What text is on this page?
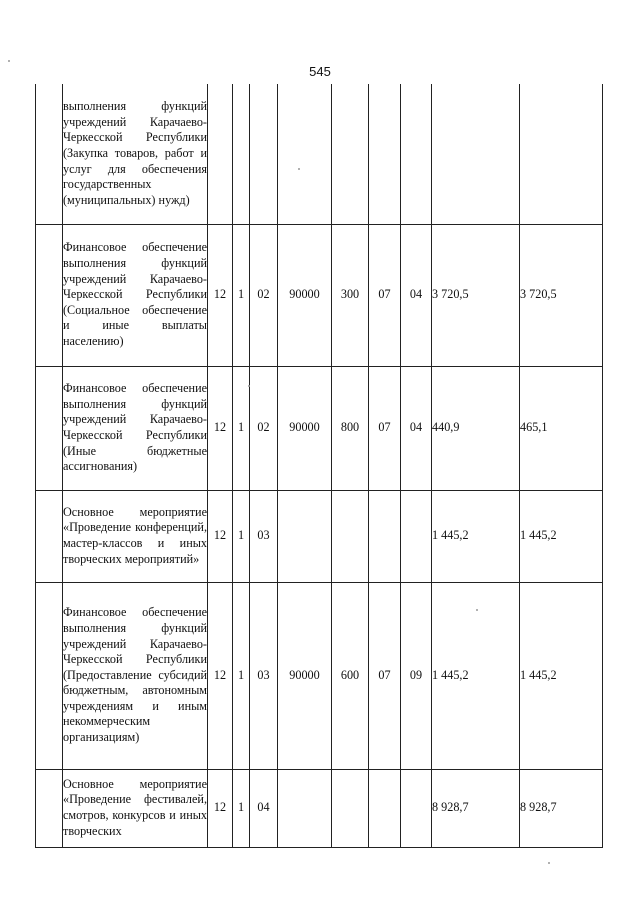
545
	выполнения функций учреждений Карачаево-Черкесской Республики (Закупка товаров, работ и услуг для обеспечения государственных (муниципальных) нужд)									
	Финансовое обеспечение выполнения функций учреждений Карачаево-Черкесской Республики (Социальное обеспечение и иные выплаты населению)	12	1	02	90000	300	07	04	3 720,5	3 720,5
	Финансовое обеспечение выполнения функций учреждений Карачаево-Черкесской Республики (Иные бюджетные ассигнования)	12	1	02	90000	800	07	04	440,9	465,1
	Основное мероприятие «Проведение конференций, мастер-классов и иных творческих мероприятий»	12	1	03					1 445,2	1 445,2
	Финансовое обеспечение выполнения функций учреждений Карачаево-Черкесской Республики (Предоставление субсидий бюджетным, автономным учреждениям и иным некоммерческим организациям)	12	1	03	90000	600	07	09	1 445,2	1 445,2
	Основное мероприятие «Проведение фестивалей, смотров, конкурсов и иных творческих	12	1	04					8 928,7	8 928,7
